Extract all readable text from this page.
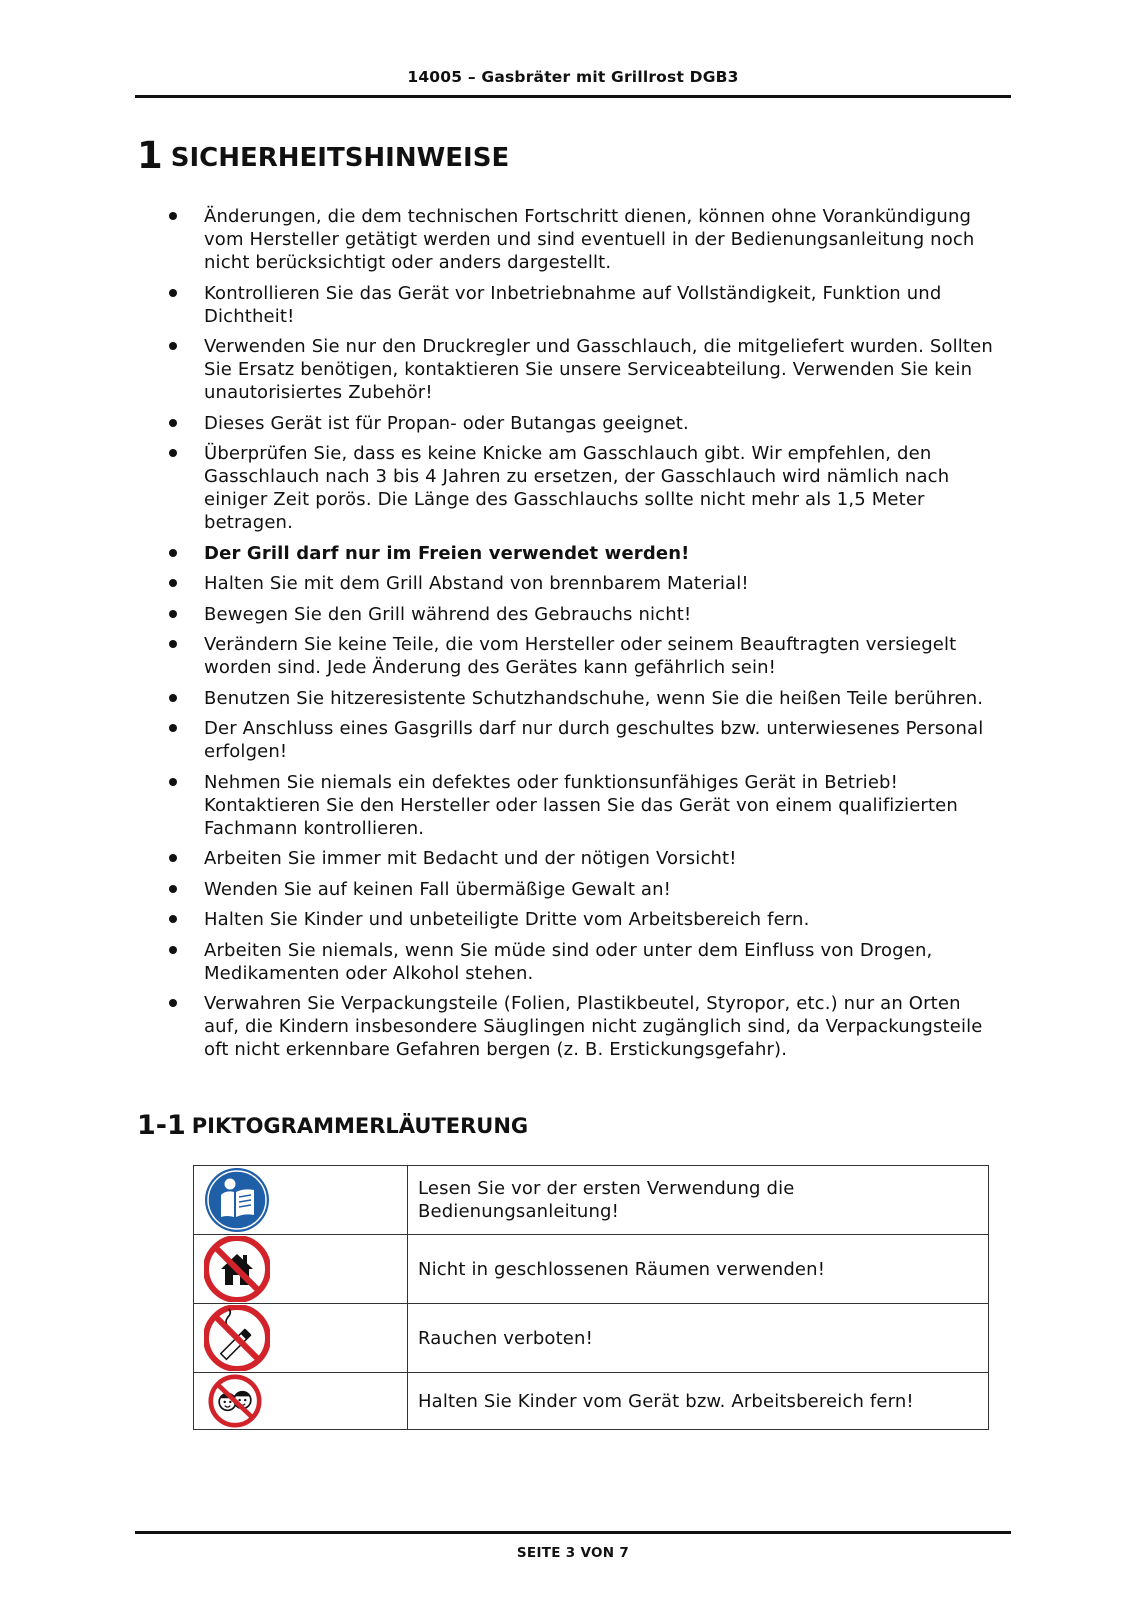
14005 – Gasbräter mit Grillrost DGB3
1 SICHERHEITSHINWEISE
Änderungen, die dem technischen Fortschritt dienen, können ohne Vorankündigung vom Hersteller getätigt werden und sind eventuell in der Bedienungsanleitung noch nicht berücksichtigt oder anders dargestellt.
Kontrollieren Sie das Gerät vor Inbetriebnahme auf Vollständigkeit, Funktion und Dichtheit!
Verwenden Sie nur den Druckregler und Gasschlauch, die mitgeliefert wurden. Sollten Sie Ersatz benötigen, kontaktieren Sie unsere Serviceabteilung. Verwenden Sie kein unautorisiertes Zubehör!
Dieses Gerät ist für Propan- oder Butangas geeignet.
Überprüfen Sie, dass es keine Knicke am Gasschlauch gibt. Wir empfehlen, den Gasschlauch nach 3 bis 4 Jahren zu ersetzen, der Gasschlauch wird nämlich nach einiger Zeit porös. Die Länge des Gasschlauchs sollte nicht mehr als 1,5 Meter betragen.
Der Grill darf nur im Freien verwendet werden!
Halten Sie mit dem Grill Abstand von brennbarem Material!
Bewegen Sie den Grill während des Gebrauchs nicht!
Verändern Sie keine Teile, die vom Hersteller oder seinem Beauftragten versiegelt worden sind. Jede Änderung des Gerätes kann gefährlich sein!
Benutzen Sie hitzeresistente Schutzhandschuhe, wenn Sie die heißen Teile berühren.
Der Anschluss eines Gasgrills darf nur durch geschultes bzw. unterwiesenes Personal erfolgen!
Nehmen Sie niemals ein defektes oder funktionsunfähiges Gerät in Betrieb! Kontaktieren Sie den Hersteller oder lassen Sie das Gerät von einem qualifizierten Fachmann kontrollieren.
Arbeiten Sie immer mit Bedacht und der nötigen Vorsicht!
Wenden Sie auf keinen Fall übermäßige Gewalt an!
Halten Sie Kinder und unbeteiligte Dritte vom Arbeitsbereich fern.
Arbeiten Sie niemals, wenn Sie müde sind oder unter dem Einfluss von Drogen, Medikamenten oder Alkohol stehen.
Verwahren Sie Verpackungsteile (Folien, Plastikbeutel, Styropor, etc.) nur an Orten auf, die Kindern insbesondere Säuglingen nicht zugänglich sind, da Verpackungsteile oft nicht erkennbare Gefahren bergen (z. B. Erstickungsgefahr).
1-1 PIKTOGRAMMERLÄUTERUNG
	Lesen Sie vor der ersten Verwendung die Bedienungsanleitung!

	Nicht in geschlossenen Räumen verwenden!

	Rauchen verboten!

	Halten Sie Kinder vom Gerät bzw. Arbeitsbereich fern!
SEITE 3 VON 7
